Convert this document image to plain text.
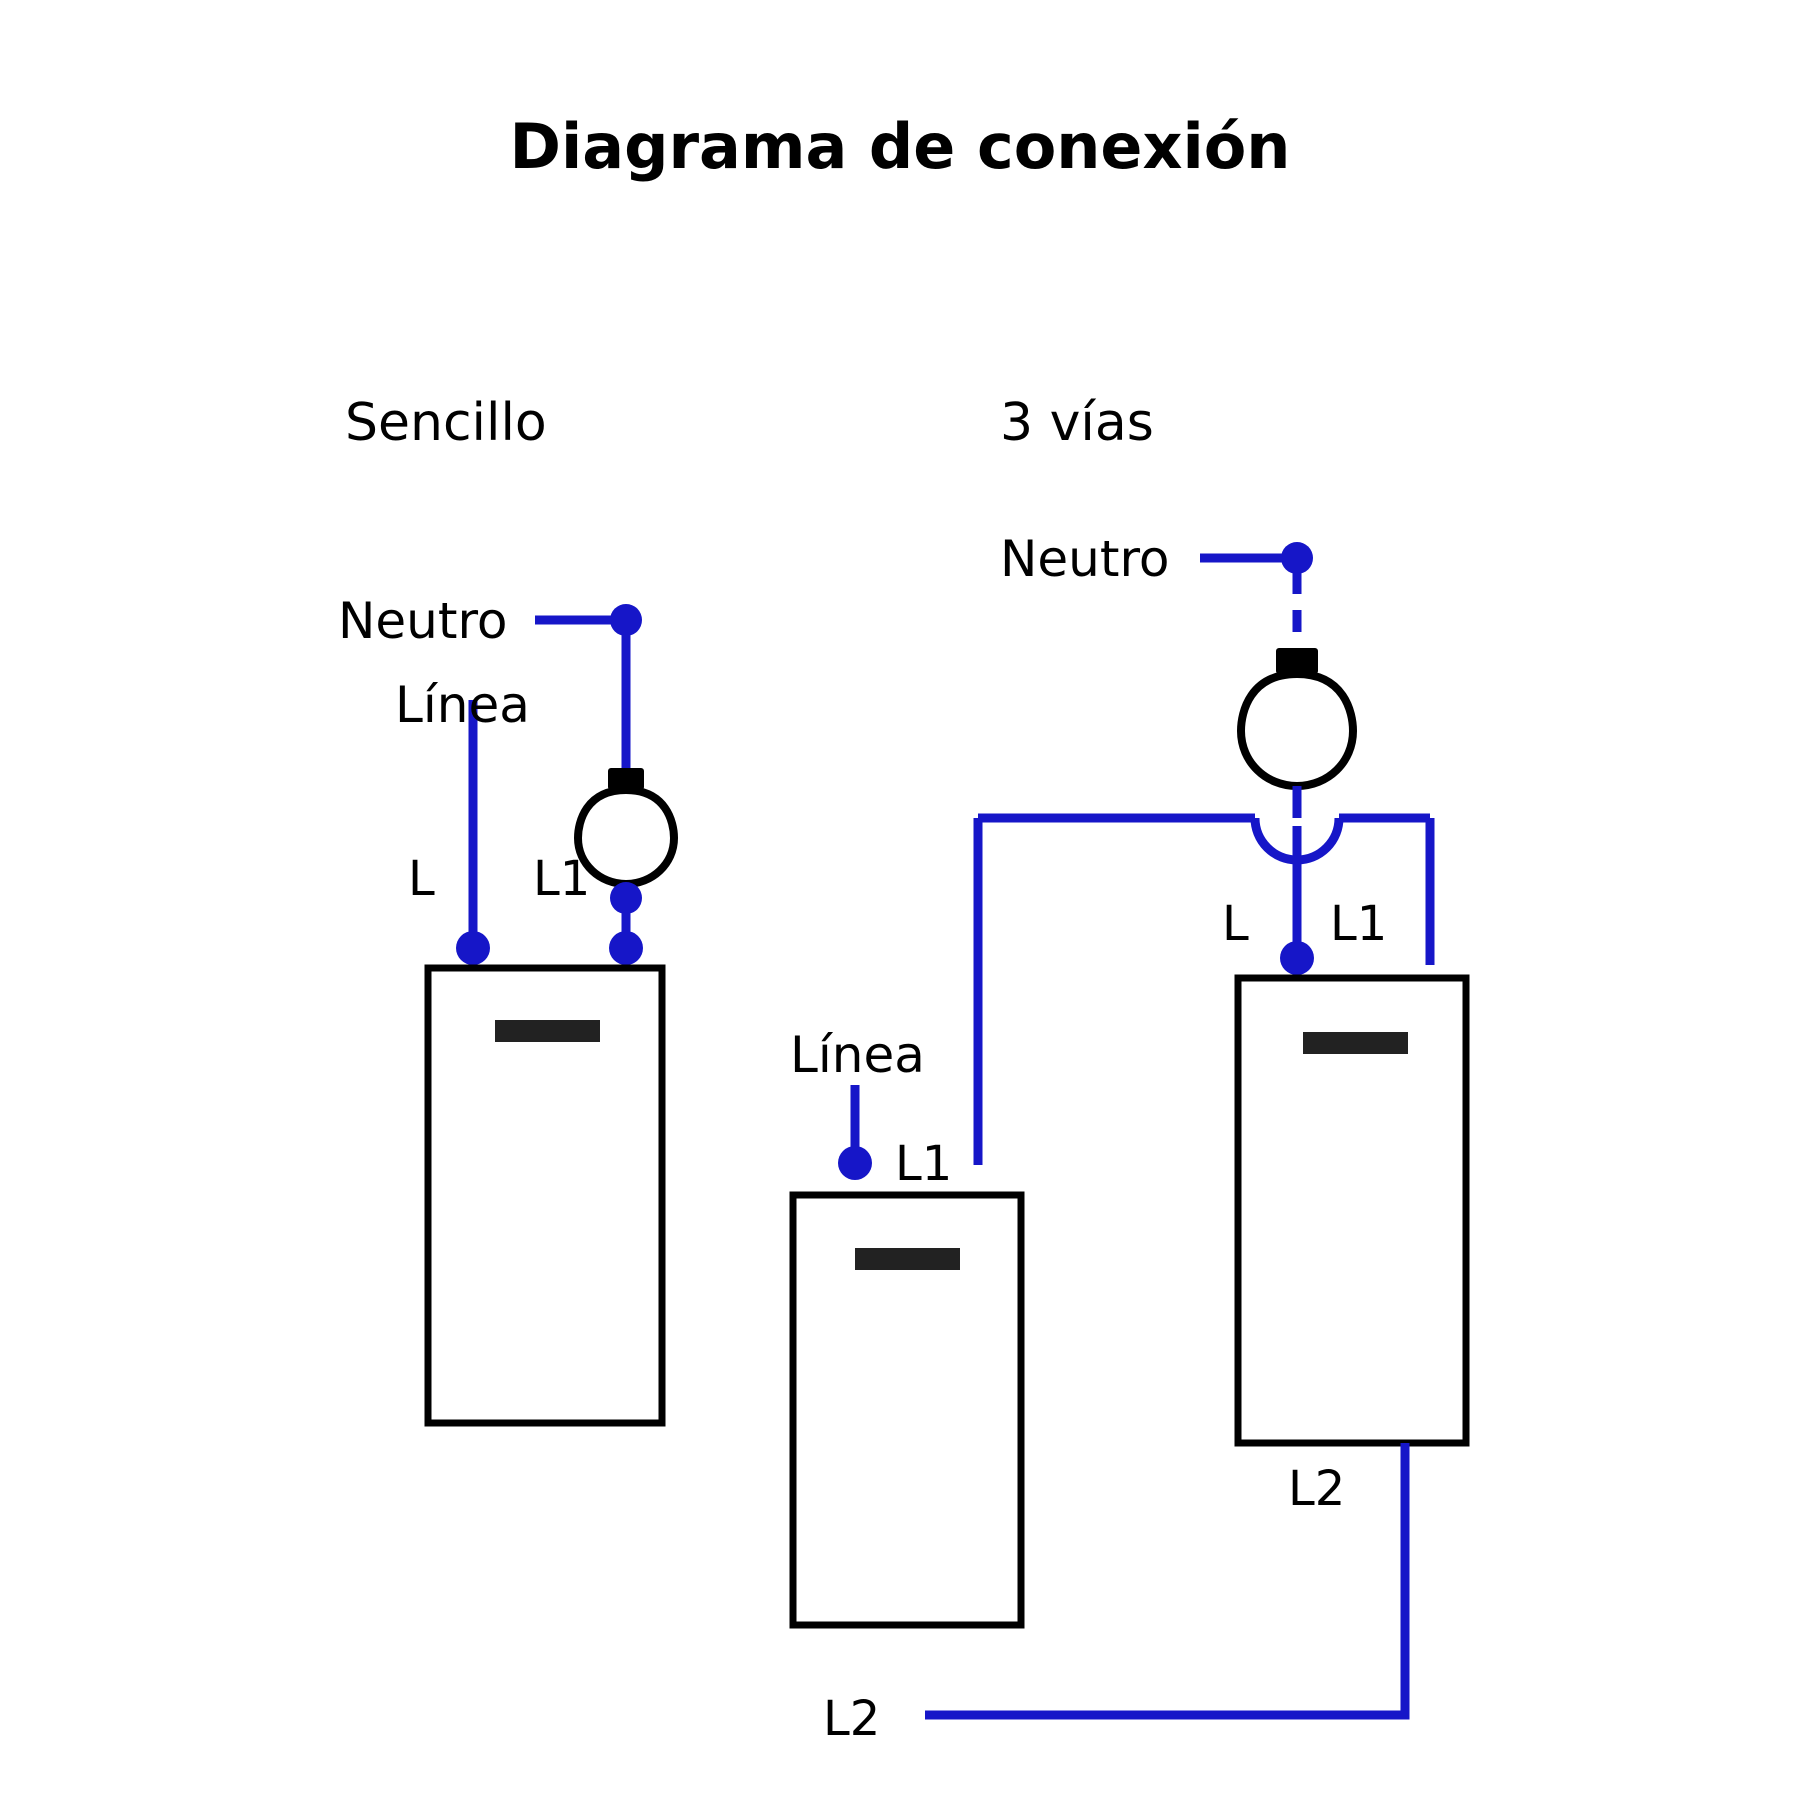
Diagrama de conexión
Sencillo	3 vías
Neutro
Línea
L L1
Neutro
L L1
Línea
L1
L2
L2
